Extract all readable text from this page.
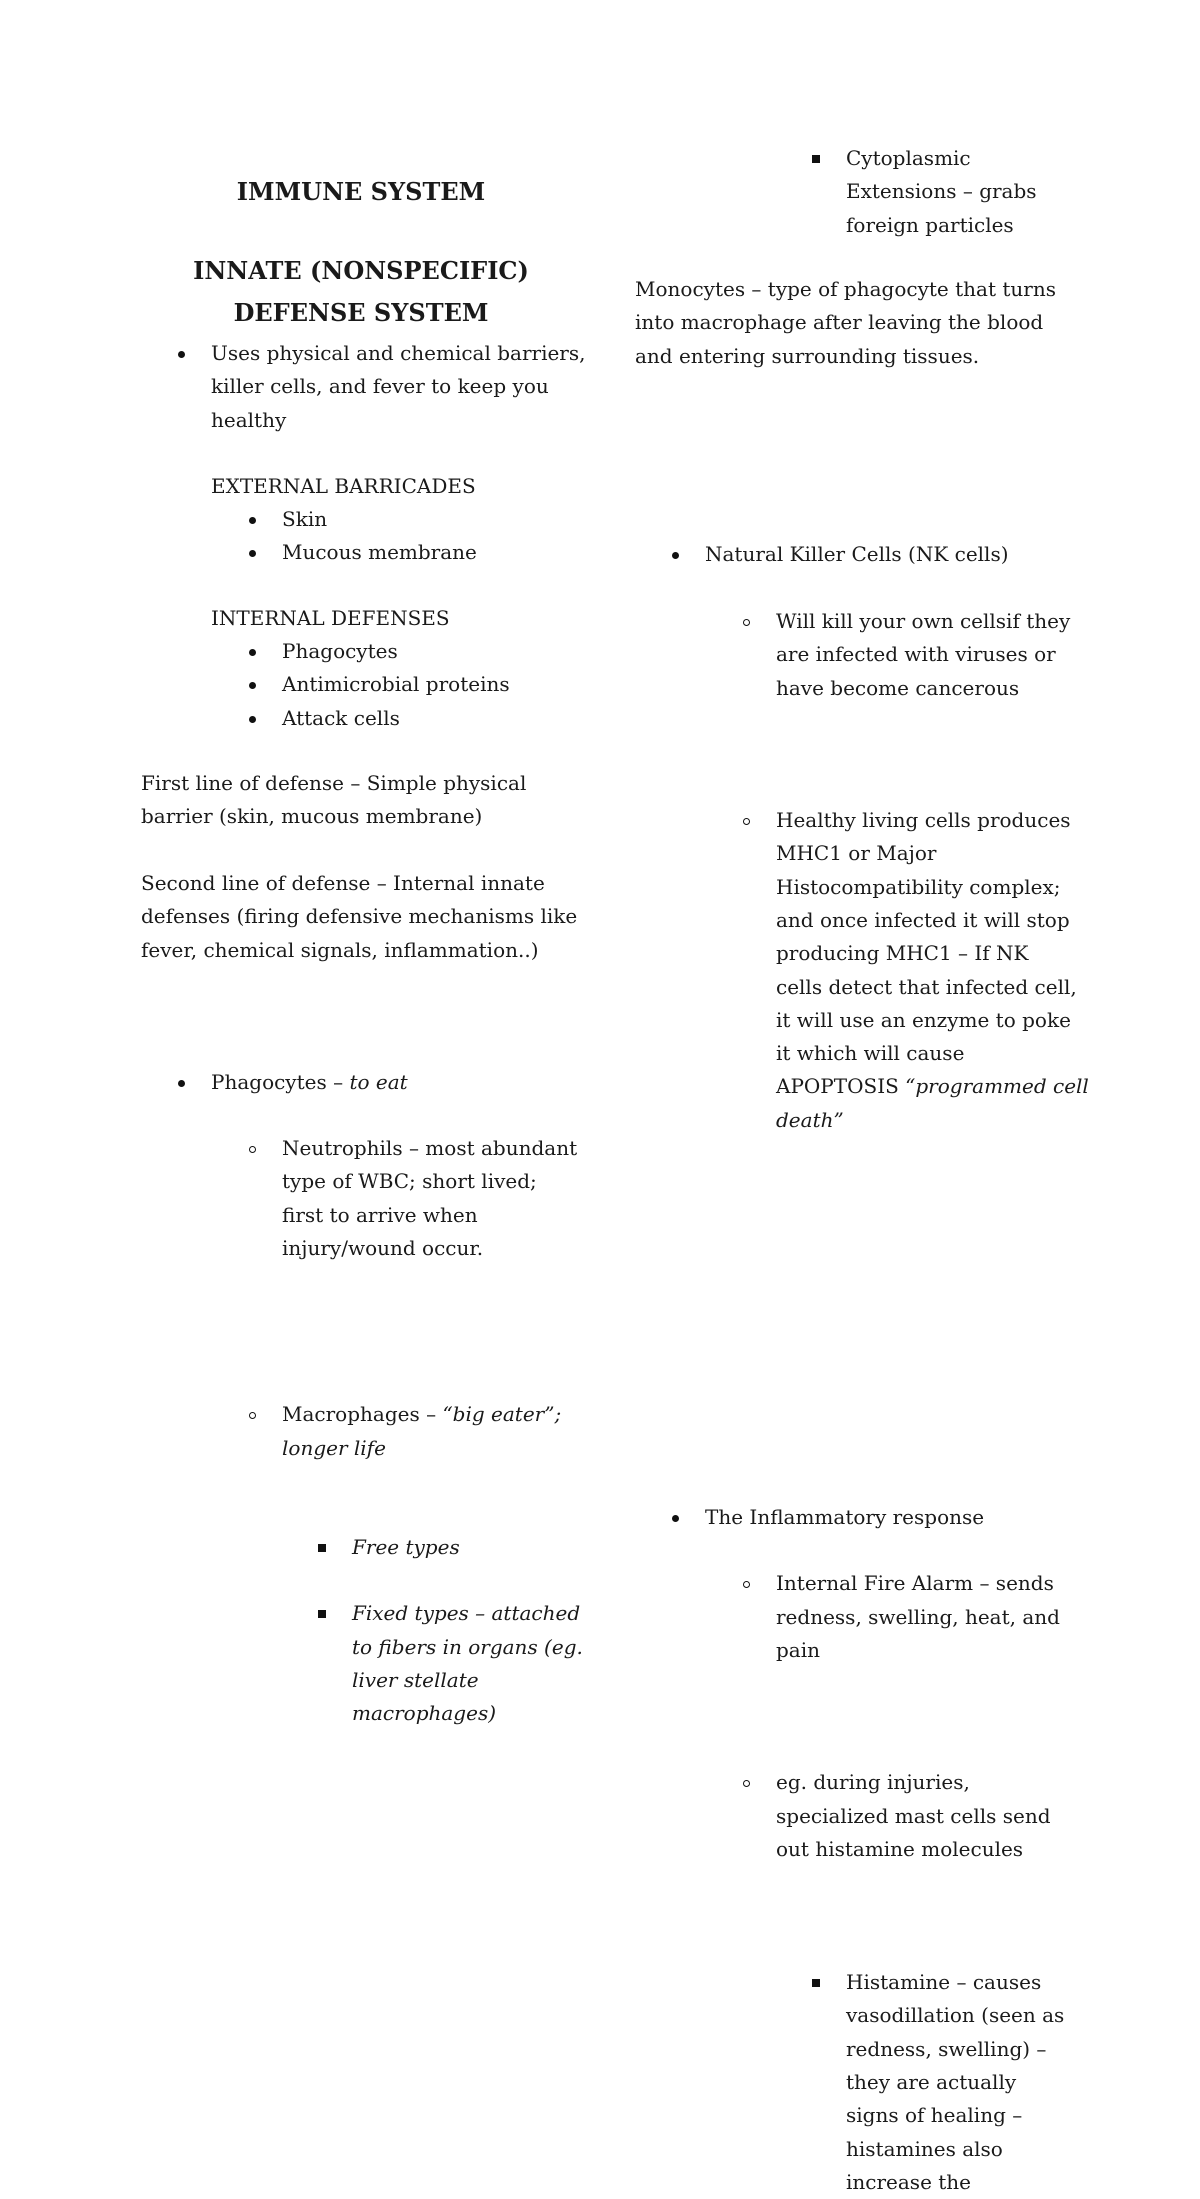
IMMUNE SYSTEM

INNATE (NONSPECIFIC)

DEFENSE SYSTEM

Uses physical and chemical barriers,

killer cells, and fever to keep you

healthy

EXTERNAL BARRICADES

Skin

Mucous membrane

INTERNAL DEFENSES

Phagocytes

Antimicrobial proteins

Attack cells

First line of defense – Simple physical

barrier (skin, mucous membrane)

Second line of defense – Internal innate

defenses (firing defensive mechanisms like

fever, chemical signals, inflammation..)

Phagocytes – to eat

Neutrophils – most abundant

type of WBC; short lived;

first to arrive when

injury/wound occur.

Macrophages – “big eater”;

longer life

Free types

Fixed types – attached

to fibers in organs (eg.

liver stellate

macrophages)

Cytoplasmic

Extensions – grabs

foreign particles

Monocytes – type of phagocyte that turns

into macrophage after leaving the blood

and entering surrounding tissues.

Natural Killer Cells (NK cells)

Will kill your own cellsif they

are infected with viruses or

have become cancerous

Healthy living cells produces

MHC1 or Major

Histocompatibility complex;

and once infected it will stop

producing MHC1 – If NK

cells detect that infected cell,

it will use an enzyme to poke

it which will cause

APOPTOSIS “programmed cell

death”

The Inflammatory response

Internal Fire Alarm – sends

redness, swelling, heat, and

pain

eg. during injuries,

specialized mast cells send

out histamine molecules

Histamine – causes

vasodillation (seen as

redness, swelling) –

they are actually

signs of healing –

histamines also

increase the
